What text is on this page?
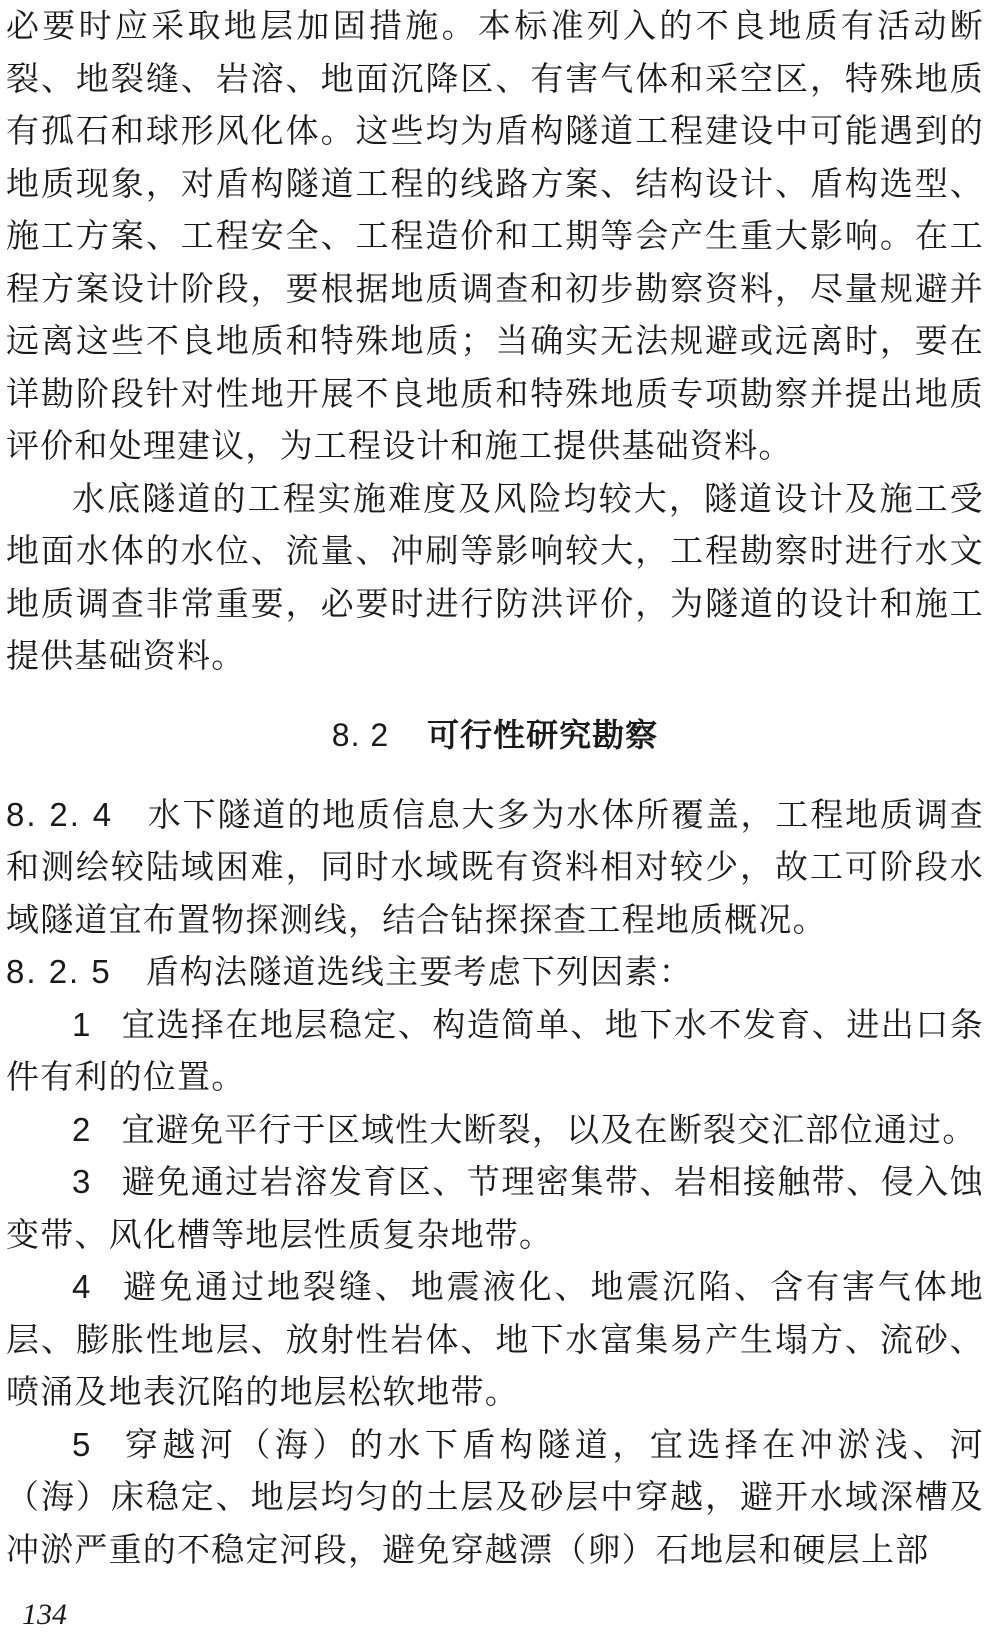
必要时应采取地层加固措施。本标准列入的不良地质有活动断裂、地裂缝、岩溶、地面沉降区、有害气体和采空区，特殊地质有孤石和球形风化体。这些均为盾构隧道工程建设中可能遇到的地质现象，对盾构隧道工程的线路方案、结构设计、盾构选型、施工方案、工程安全、工程造价和工期等会产生重大影响。在工程方案设计阶段，要根据地质调查和初步勘察资料，尽量规避并远离这些不良地质和特殊地质；当确实无法规避或远离时，要在详勘阶段针对性地开展不良地质和特殊地质专项勘察并提出地质评价和处理建议，为工程设计和施工提供基础资料。

水底隧道的工程实施难度及风险均较大，隧道设计及施工受地面水体的水位、流量、冲刷等影响较大，工程勘察时进行水文地质调查非常重要，必要时进行防洪评价，为隧道的设计和施工提供基础资料。

8. 2 可行性研究勘察

8. 2. 4 水下隧道的地质信息大多为水体所覆盖，工程地质调查和测绘较陆域困难，同时水域既有资料相对较少，故工可阶段水域隧道宜布置物探测线，结合钻探探查工程地质概况。

8. 2. 5 盾构法隧道选线主要考虑下列因素：

1 宜选择在地层稳定、构造简单、地下水不发育、进出口条件有利的位置。

2 宜避免平行于区域性大断裂，以及在断裂交汇部位通过。

3 避免通过岩溶发育区、节理密集带、岩相接触带、侵入蚀变带、风化槽等地层性质复杂地带。

4 避免通过地裂缝、地震液化、地震沉陷、含有害气体地层、膨胀性地层、放射性岩体、地下水富集易产生塌方、流砂、喷涌及地表沉陷的地层松软地带。

5 穿越河（海）的水下盾构隧道，宜选择在冲淤浅、河（海）床稳定、地层均匀的土层及砂层中穿越，避开水域深槽及冲淤严重的不稳定河段，避免穿越漂（卵）石地层和硬层上部

134
